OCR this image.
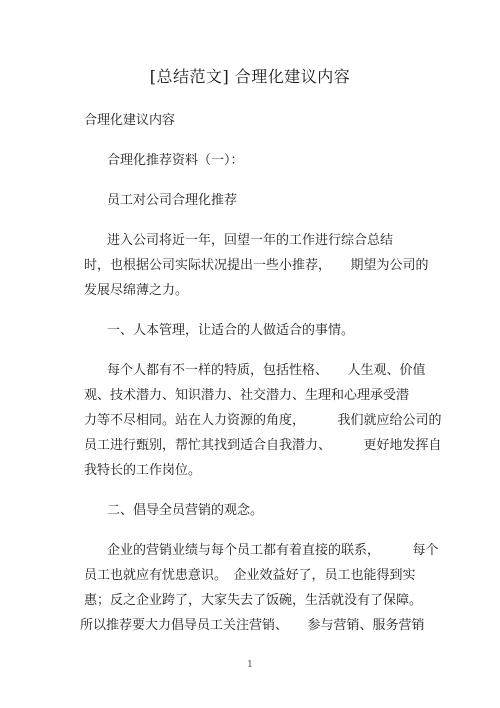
[总结范文] 合理化建议内容
合理化建议内容
合理化推荐资料（一）：
员工对公司合理化推荐
进入公司将近一年，回望一年的工作进行综合总结
时，也根据公司实际状况提出一些小推荐，　　期望为公司的
发展尽绵薄之力。
一、人本管理，让适合的人做适合的事情。
每个人都有不一样的特质，包括性格、　　人生观、价值
观、技术潜力、知识潜力、社交潜力、生理和心理承受潜
力等不尽相同。站在人力资源的角度，　　　我们就应给公司的
员工进行甄别，帮忙其找到适合自我潜力、　　　更好地发挥自
我特长的工作岗位。
二、倡导全员营销的观念。
企业的营销业绩与每个员工都有着直接的联系，　　　每个
员工也就应有忧患意识。　企业效益好了，员工也能得到实
惠；反之企业跨了，大家失去了饭碗，生活就没有了保障。
所以推荐要大力倡导员工关注营销、　　参与营销、服务营销
1
